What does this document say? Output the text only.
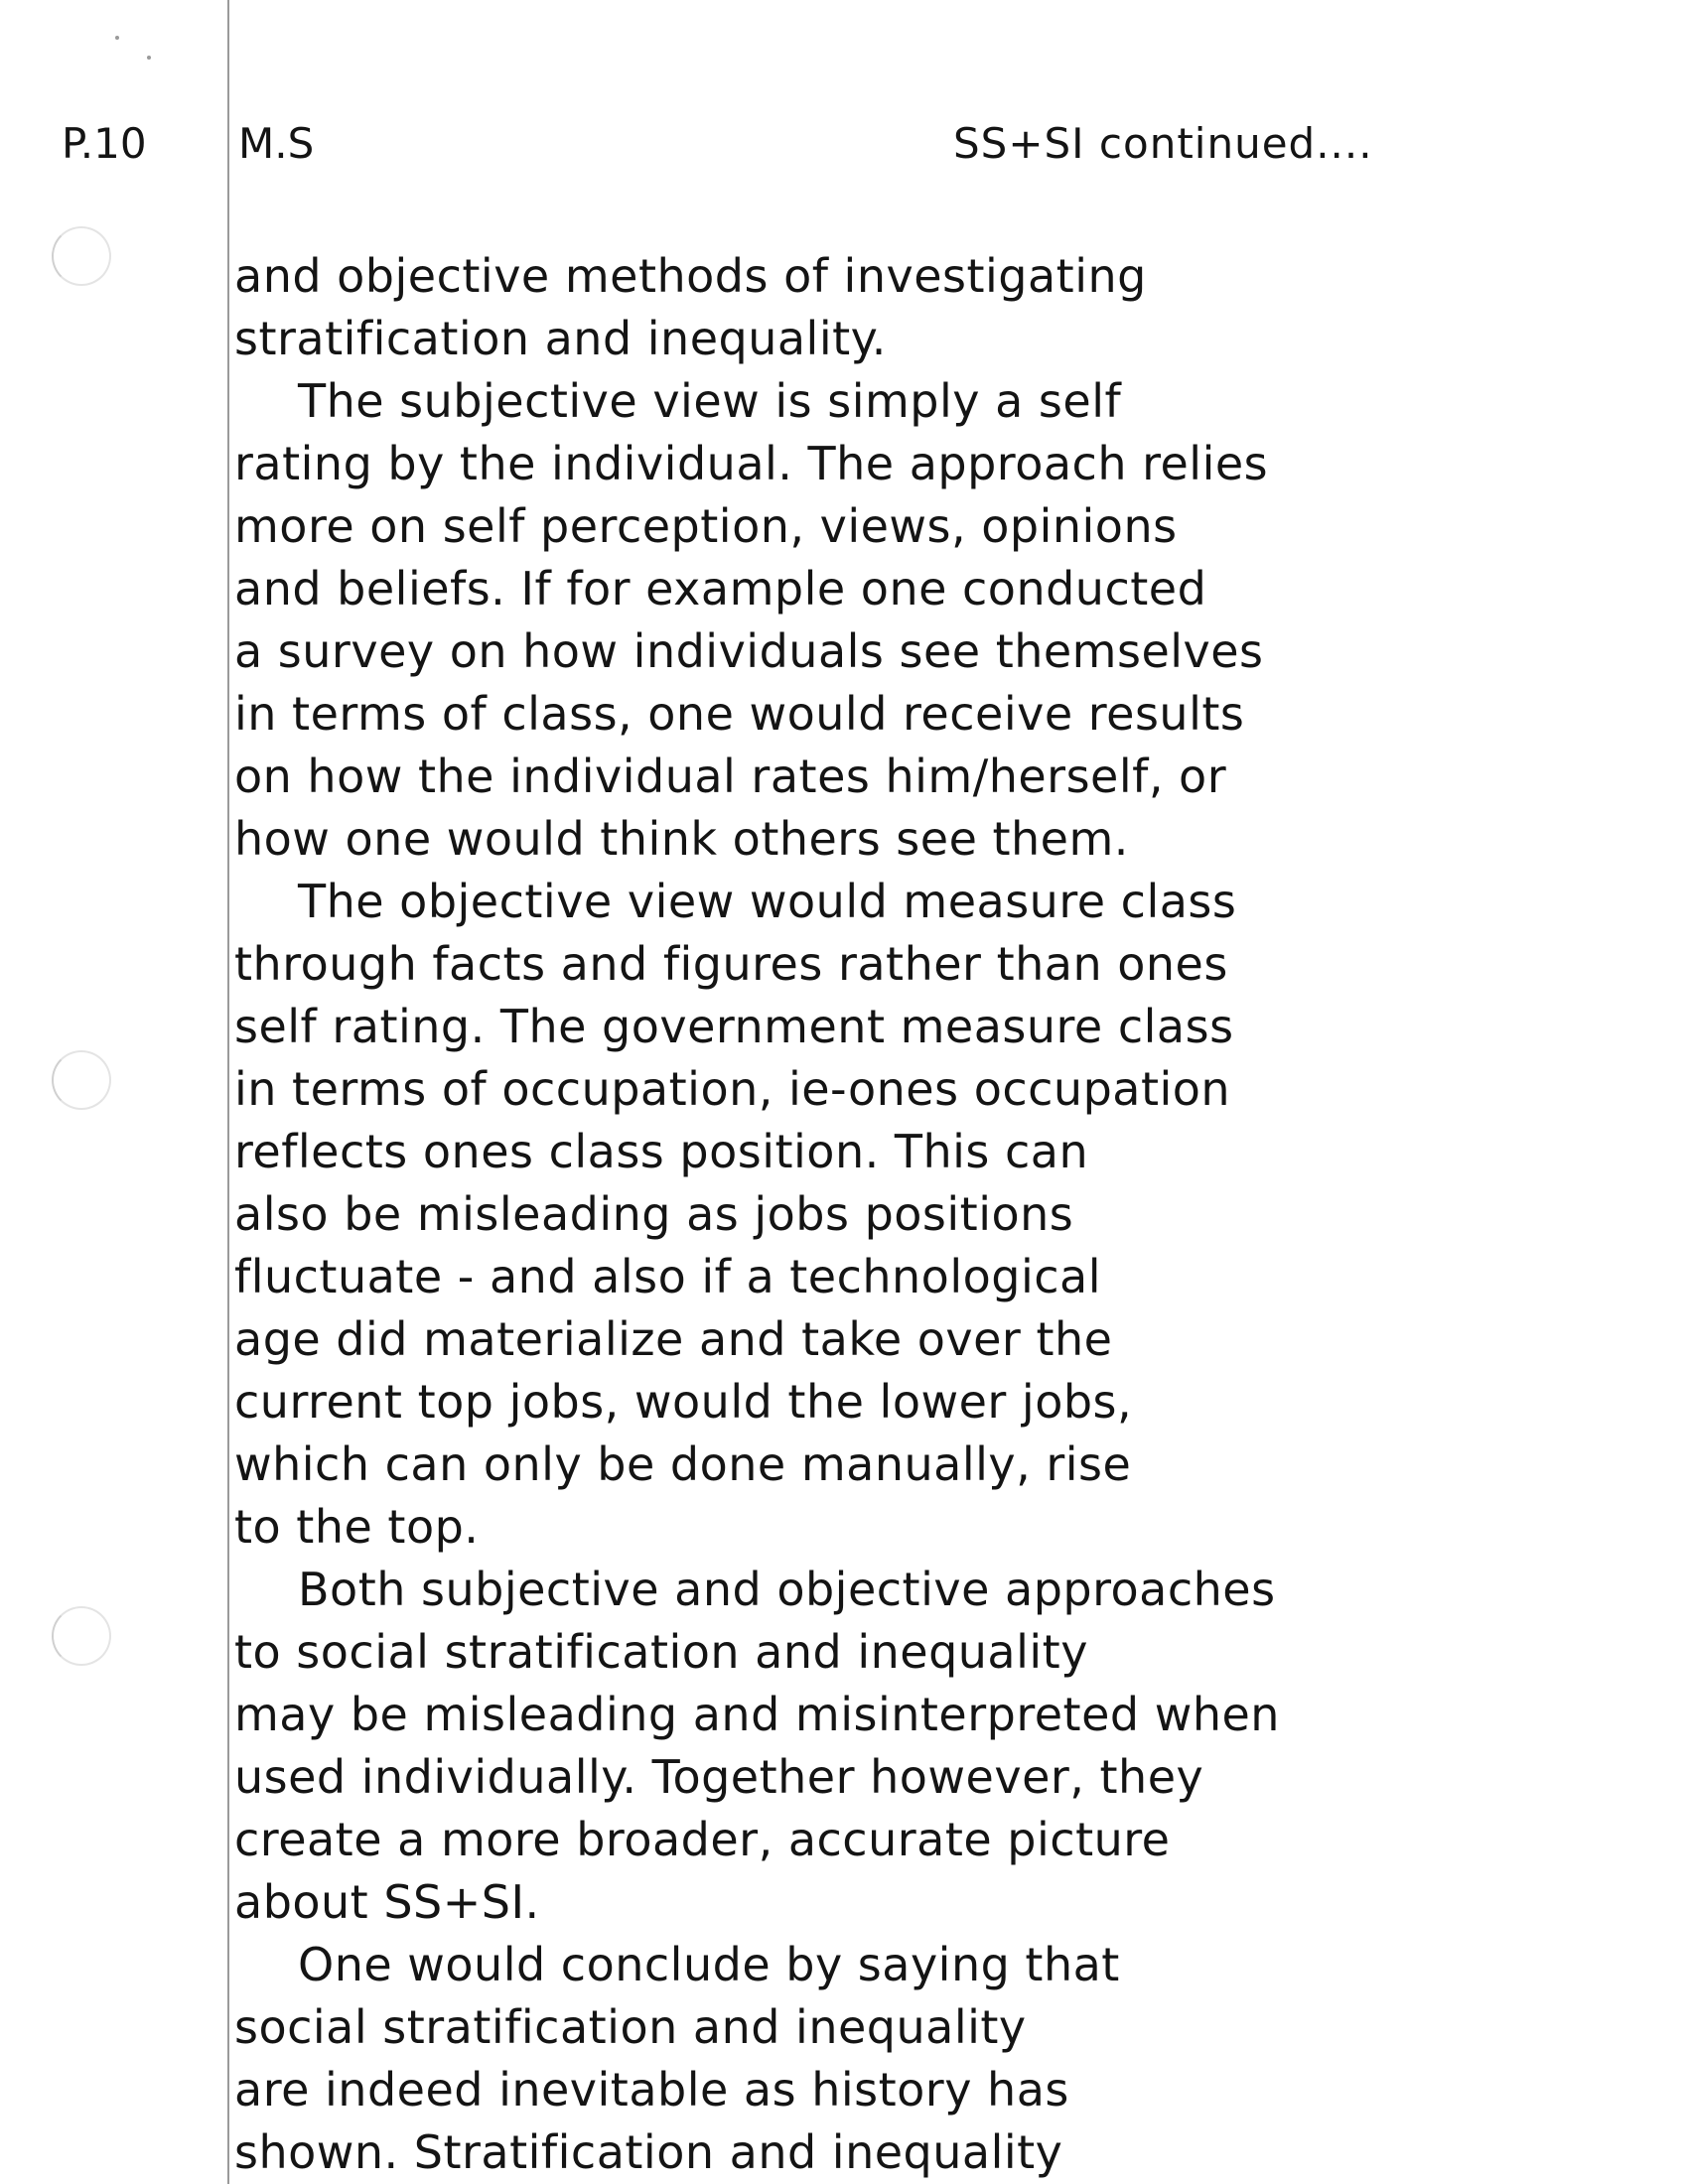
P.10 M.S	SS+SI continued....
and objective methods of investigating
stratification and inequality.
The subjective view is simply a self
rating by the individual. The approach relies
more on self perception, views, opinions
and beliefs. If for example one conducted
a survey on how individuals see themselves
in terms of class, one would receive results
on how the individual rates him/herself, or
how one would think others see them.
The objective view would measure class
through facts and figures rather than ones
self rating. The government measure class
in terms of occupation, ie-ones occupation
reflects ones class position. This can
also be misleading as jobs positions
fluctuate - and also if a technological
age did materialize and take over the
current top jobs, would the lower jobs,
which can only be done manually, rise
to the top.
Both subjective and objective approaches
to social stratification and inequality
may be misleading and misinterpreted when
used individually. Together however, they
create a more broader, accurate picture
about SS+SI.
One would conclude by saying that
social stratification and inequality
are indeed inevitable as history has
shown. Stratification and inequality
